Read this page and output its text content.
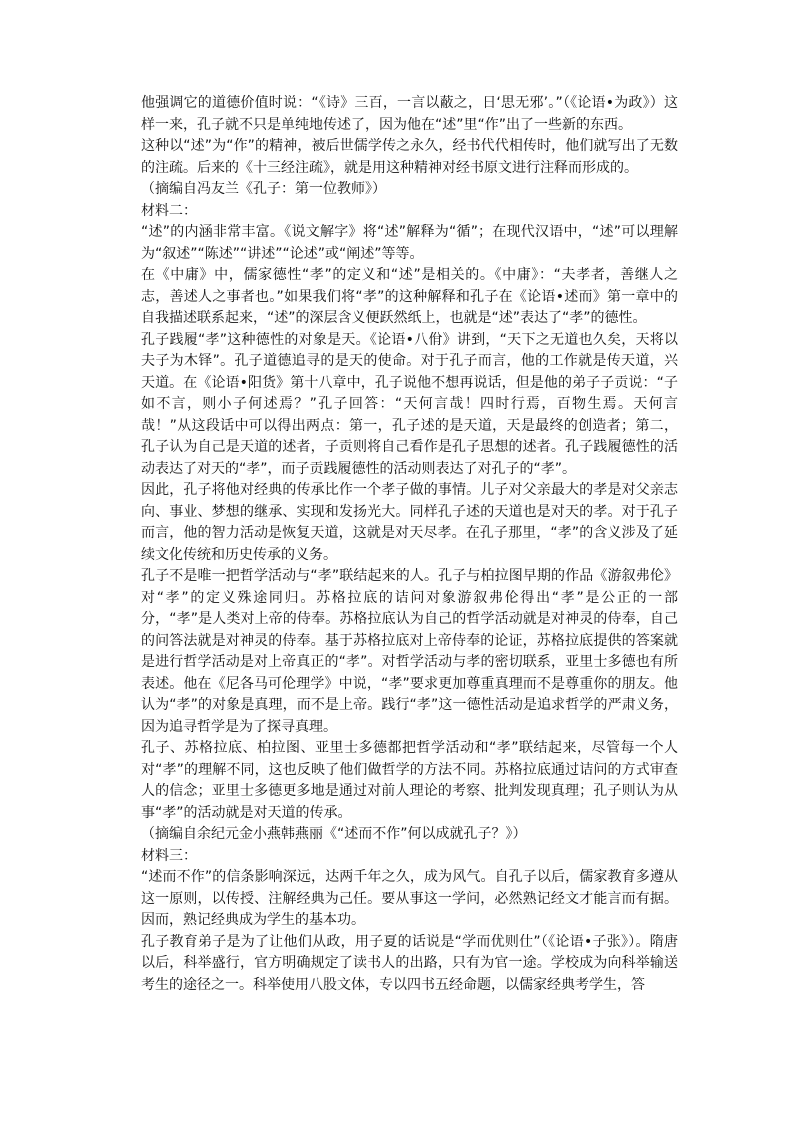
他强调它的道德价值时说：“《诗》三百，一言以蔽之，日‘思无邪’。”（《论语•为政》）这样一来，孔子就不只是单纯地传述了，因为他在“述”里“作”出了一些新的东西。

这种以“述”为“作”的精神，被后世儒学传之永久，经书代代相传时，他们就写出了无数的注疏。后来的《十三经注疏》，就是用这种精神对经书原文进行注释而形成的。

（摘编自冯友兰《孔子：第一位教师》）

材料二：

“述”的内涵非常丰富。《说文解字》将“述”解释为“循”；在现代汉语中，“述”可以理解为“叙述”“陈述”“讲述”“论述”或“阐述”等等。

在《中庸》中，儒家德性“孝”的定义和“述”是相关的。《中庸》：“夫孝者，善继人之志，善述人之事者也。”如果我们将“孝”的这种解释和孔子在《论语•述而》第一章中的自我描述联系起来，“述”的深层含义便跃然纸上，也就是“述”表达了“孝”的德性。

孔子践履“孝”这种德性的对象是天。《论语•八佾》讲到，“天下之无道也久矣，天将以夫子为木铎”。孔子道德追寻的是天的使命。对于孔子而言，他的工作就是传天道，兴天道。在《论语•阳货》第十八章中，孔子说他不想再说话，但是他的弟子子贡说：“子如不言，则小子何述焉？”孔子回答：“天何言哉！四时行焉，百物生焉。天何言哉！”从这段话中可以得出两点：第一，孔子述的是天道，天是最终的创造者；第二，孔子认为自己是天道的述者，子贡则将自己看作是孔子思想的述者。孔子践履德性的活动表达了对天的“孝”，而子贡践履德性的活动则表达了对孔子的“孝”。

因此，孔子将他对经典的传承比作一个孝子做的事情。儿子对父亲最大的孝是对父亲志向、事业、梦想的继承、实现和发扬光大。同样孔子述的天道也是对天的孝。对于孔子而言，他的智力活动是恢复天道，这就是对天尽孝。在孔子那里，“孝”的含义涉及了延续文化传统和历史传承的义务。

孔子不是唯一把哲学活动与“孝”联结起来的人。孔子与柏拉图早期的作品《游叙弗伦》对“孝”的定义殊途同归。苏格拉底的诘问对象游叙弗伦得出“孝”是公正的一部分，“孝”是人类对上帝的侍奉。苏格拉底认为自己的哲学活动就是对神灵的侍奉，自己的问答法就是对神灵的侍奉。基于苏格拉底对上帝侍奉的论证，苏格拉底提供的答案就是进行哲学活动是对上帝真正的“孝”。对哲学活动与孝的密切联系，亚里士多德也有所表述。他在《尼各马可伦理学》中说，“孝”要求更加尊重真理而不是尊重你的朋友。他认为“孝”的对象是真理，而不是上帝。践行“孝”这一德性活动是追求哲学的严肃义务，因为追寻哲学是为了探寻真理。

孔子、苏格拉底、柏拉图、亚里士多德都把哲学活动和“孝”联结起来，尽管每一个人对“孝”的理解不同，这也反映了他们做哲学的方法不同。苏格拉底通过诘问的方式审查人的信念；亚里士多德更多地是通过对前人理论的考察、批判发现真理；孔子则认为从事“孝”的活动就是对天道的传承。

（摘编自余纪元金小燕韩燕丽《“述而不作”何以成就孔子？》）

材料三：

“述而不作”的信条影响深远，达两千年之久，成为风气。自孔子以后，儒家教育多遵从这一原则，以传授、注解经典为己任。要从事这一学问，必然熟记经文才能言而有据。因而，熟记经典成为学生的基本功。

孔子教育弟子是为了让他们从政，用子夏的话说是“学而优则仕”（《论语•子张》）。隋唐以后，科举盛行，官方明确规定了读书人的出路，只有为官一途。学校成为向科举输送考生的途径之一。科举使用八股文体，专以四书五经命题，以儒家经典考学生，答
